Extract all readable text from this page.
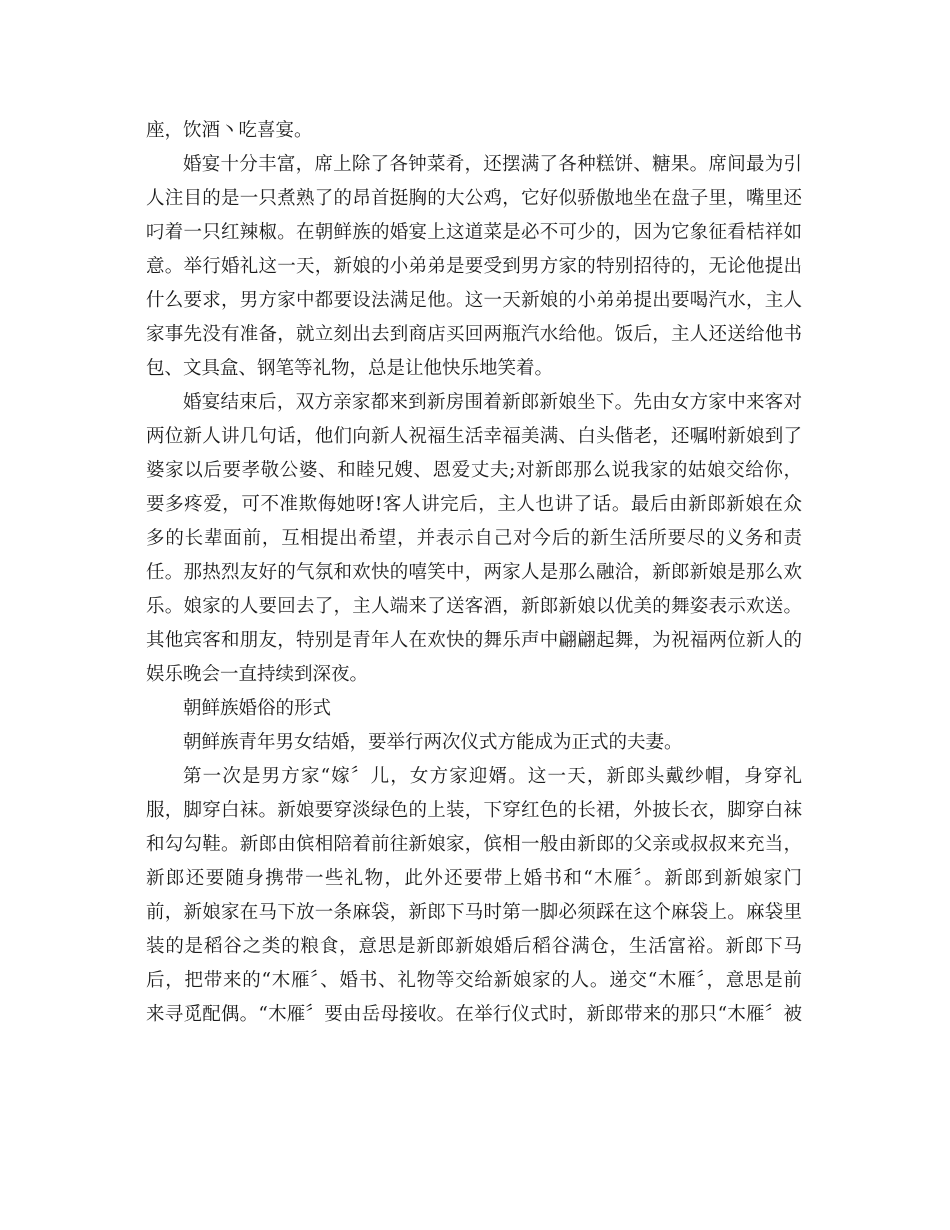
座，饮酒丶吃喜宴。
婚宴十分丰富，席上除了各钟菜肴，还摆满了各种糕饼、糖果。席间最为引
人注目的是一只煮熟了的昂首挺胸的大公鸡，它好似骄傲地坐在盘子里，嘴里还
叼着一只红辣椒。在朝鲜族的婚宴上这道菜是必不可少的，因为它象征看桔祥如
意。举行婚礼这一天，新娘的小弟弟是要受到男方家的特别招待的，无论他提出
什么要求，男方家中都要设法满足他。这一天新娘的小弟弟提出要喝汽水，主人
家事先没有准备，就立刻出去到商店买回两瓶汽水给他。饭后，主人还送给他书
包、文具盒、钢笔等礼物，总是让他快乐地笑着。
婚宴结束后，双方亲家都来到新房围着新郎新娘坐下。先由女方家中来客对
两位新人讲几句话，他们向新人祝福生活幸福美满、白头偕老，还嘱咐新娘到了
婆家以后要孝敬公婆、和睦兄嫂、恩爱丈夫;对新郎那么说我家的姑娘交给你，
要多疼爱，可不准欺侮她呀!客人讲完后，主人也讲了话。最后由新郎新娘在众
多的长辈面前，互相提出希望，并表示自己对今后的新生活所要尽的义务和责
任。那热烈友好的气氛和欢快的嘻笑中，两家人是那么融洽，新郎新娘是那么欢
乐。娘家的人要回去了，主人端来了送客酒，新郎新娘以优美的舞姿表示欢送。
其他宾客和朋友，特别是青年人在欢快的舞乐声中翩翩起舞，为祝福两位新人的
娱乐晚会一直持续到深夜。
朝鲜族婚俗的形式
朝鲜族青年男女结婚，要举行两次仪式方能成为正式的夫妻。
第一次是男方家“嫁〞儿，女方家迎婿。这一天，新郎头戴纱帽，身穿礼
服，脚穿白袜。新娘要穿淡绿色的上装，下穿红色的长裙，外披长衣，脚穿白袜
和勾勾鞋。新郎由傧相陪着前往新娘家，傧相一般由新郎的父亲或叔叔来充当，
新郎还要随身携带一些礼物，此外还要带上婚书和“木雁〞。新郎到新娘家门
前，新娘家在马下放一条麻袋，新郎下马时第一脚必须踩在这个麻袋上。麻袋里
装的是稻谷之类的粮食，意思是新郎新娘婚后稻谷满仓，生活富裕。新郎下马
后，把带来的“木雁〞、婚书、礼物等交给新娘家的人。递交“木雁〞，意思是前
来寻觅配偶。“木雁〞要由岳母接收。在举行仪式时，新郎带来的那只“木雁〞被
